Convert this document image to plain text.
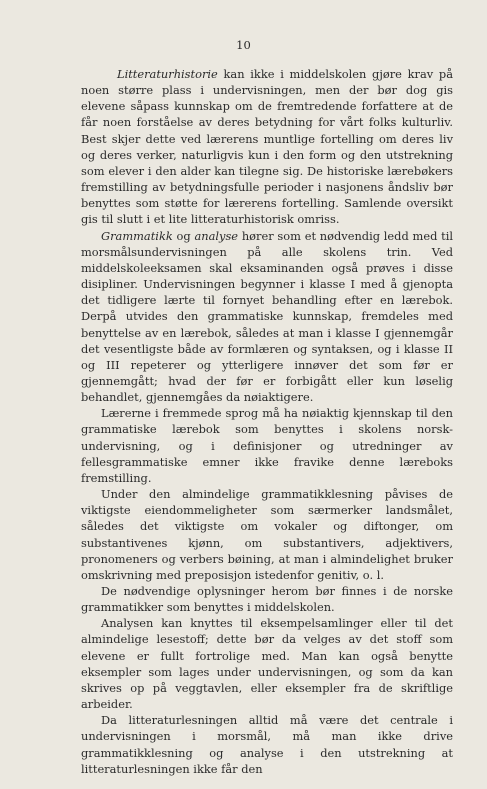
10

Litteraturhistorie kan ikke i middelskolen gjøre krav på noen større plass i undervisningen, men der bør dog gis elevene såpass kunnskap om de fremtredende forfattere at de får noen forståelse av deres betydning for vårt folks kulturliv. Best skjer dette ved lærerens muntlige fortelling om deres liv og deres verker, naturligvis kun i den form og den utstrekning som elever i den alder kan tilegne sig. De historiske lærebøkers fremstilling av betydningsfulle perioder i nasjonens åndsliv bør benyttes som støtte for lærerens fortelling. Samlende oversikt gis til slutt i et lite litteraturhistorisk omriss.

Grammatikk og analyse hører som et nødvendig ledd med til morsmålsundervisningen på alle skolens trin. Ved middelskoleeksamen skal eksaminanden også prøves i disse disipliner. Undervisningen begynner i klasse I med å gjenopta det tidligere lærte til fornyet behandling efter en lærebok. Derpå utvides den grammatiske kunnskap, fremdeles med benyttelse av en lærebok, således at man i klasse I gjennemgår det vesentligste både av formlæren og syntaksen, og i klasse II og III repeterer og ytterligere innøver det som før er gjennemgått; hvad der før er forbigått eller kun løselig behandlet, gjennemgåes da nøiaktigere.

Lærerne i fremmede sprog må ha nøiaktig kjennskap til den grammatiske lærebok som benyttes i skolens norsk-undervisning, og i definisjoner og utredninger av fellesgrammatiske emner ikke fravike denne læreboks fremstilling.

Under den almindelige grammatikklesning påvises de viktigste eiendommeligheter som særmerker landsmålet, således det viktigste om vokaler og diftonger, om substantivenes kjønn, om substantivers, adjektivers, pronomeners og verbers bøining, at man i almindelighet bruker omskrivning med preposisjon istedenfor genitiv, o. l.

De nødvendige oplysninger herom bør finnes i de norske grammatikker som benyttes i middelskolen.

Analysen kan knyttes til eksempelsamlinger eller til det almindelige lesestoff; dette bør da velges av det stoff som elevene er fullt fortrolige med. Man kan også benytte eksempler som lages under undervisningen, og som da kan skrives op på veggtavlen, eller eksempler fra de skriftlige arbeider.

Da litteraturlesningen alltid må være det centrale i undervisningen i morsmål, må man ikke drive grammatikklesning og analyse i den utstrekning at litteraturlesningen ikke får den
